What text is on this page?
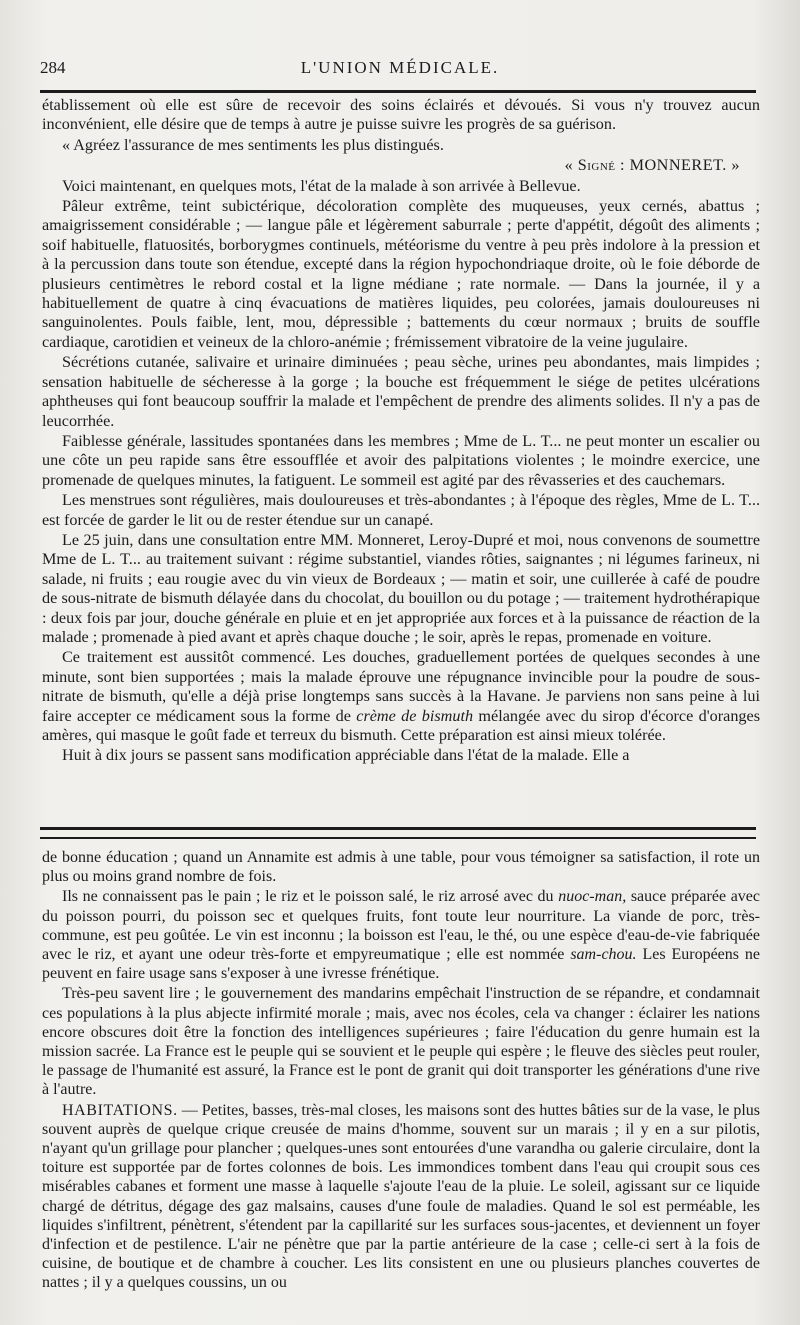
284	L'UNION MÉDICALE.

établissement où elle est sûre de recevoir des soins éclairés et dévoués. Si vous n'y trouvez aucun inconvénient, elle désire que de temps à autre je puisse suivre les progrès de sa guérison.

« Agréez l'assurance de mes sentiments les plus distingués.

« Signé : MONNERET. »

Voici maintenant, en quelques mots, l'état de la malade à son arrivée à Bellevue.

Pâleur extrême, teint subictérique, décoloration complète des muqueuses, yeux cernés, abattus ; amaigrissement considérable ; — langue pâle et légèrement saburrale ; perte d'appétit, dégoût des aliments ; soif habituelle, flatuosités, borborygmes continuels, météorisme du ventre à peu près indolore à la pression et à la percussion dans toute son étendue, excepté dans la région hypochondriaque droite, où le foie déborde de plusieurs centimètres le rebord costal et la ligne médiane ; rate normale. — Dans la journée, il y a habituellement de quatre à cinq évacuations de matières liquides, peu colorées, jamais douloureuses ni sanguinolentes. Pouls faible, lent, mou, dépressible ; battements du cœur normaux ; bruits de souffle cardiaque, carotidien et veineux de la chloro-anémie ; frémissement vibratoire de la veine jugulaire.

Sécrétions cutanée, salivaire et urinaire diminuées ; peau sèche, urines peu abondantes, mais limpides ; sensation habituelle de sécheresse à la gorge ; la bouche est fréquemment le siége de petites ulcérations aphtheuses qui font beaucoup souffrir la malade et l'empêchent de prendre des aliments solides. Il n'y a pas de leucorrhée.

Faiblesse générale, lassitudes spontanées dans les membres ; Mme de L. T... ne peut monter un escalier ou une côte un peu rapide sans être essoufflée et avoir des palpitations violentes ; le moindre exercice, une promenade de quelques minutes, la fatiguent. Le sommeil est agité par des rêvasseries et des cauchemars.

Les menstrues sont régulières, mais douloureuses et très-abondantes ; à l'époque des règles, Mme de L. T... est forcée de garder le lit ou de rester étendue sur un canapé.

Le 25 juin, dans une consultation entre MM. Monneret, Leroy-Dupré et moi, nous convenons de soumettre Mme de L. T... au traitement suivant : régime substantiel, viandes rôties, saignantes ; ni légumes farineux, ni salade, ni fruits ; eau rougie avec du vin vieux de Bordeaux ; — matin et soir, une cuillerée à café de poudre de sous-nitrate de bismuth délayée dans du chocolat, du bouillon ou du potage ; — traitement hydrothérapique : deux fois par jour, douche générale en pluie et en jet appropriée aux forces et à la puissance de réaction de la malade ; promenade à pied avant et après chaque douche ; le soir, après le repas, promenade en voiture.

Ce traitement est aussitôt commencé. Les douches, graduellement portées de quelques secondes à une minute, sont bien supportées ; mais la malade éprouve une répugnance invincible pour la poudre de sous-nitrate de bismuth, qu'elle a déjà prise longtemps sans succès à la Havane. Je parviens non sans peine à lui faire accepter ce médicament sous la forme de crème de bismuth mélangée avec du sirop d'écorce d'oranges amères, qui masque le goût fade et terreux du bismuth. Cette préparation est ainsi mieux tolérée.

Huit à dix jours se passent sans modification appréciable dans l'état de la malade. Elle a

de bonne éducation ; quand un Annamite est admis à une table, pour vous témoigner sa satisfaction, il rote un plus ou moins grand nombre de fois.

Ils ne connaissent pas le pain ; le riz et le poisson salé, le riz arrosé avec du nuoc-man, sauce préparée avec du poisson pourri, du poisson sec et quelques fruits, font toute leur nourriture. La viande de porc, très-commune, est peu goûtée. Le vin est inconnu ; la boisson est l'eau, le thé, ou une espèce d'eau-de-vie fabriquée avec le riz, et ayant une odeur très-forte et empyreumatique ; elle est nommée sam-chou. Les Européens ne peuvent en faire usage sans s'exposer à une ivresse frénétique.

Très-peu savent lire ; le gouvernement des mandarins empêchait l'instruction de se répandre, et condamnait ces populations à la plus abjecte infirmité morale ; mais, avec nos écoles, cela va changer : éclairer les nations encore obscures doit être la fonction des intelligences supérieures ; faire l'éducation du genre humain est la mission sacrée. La France est le peuple qui se souvient et le peuple qui espère ; le fleuve des siècles peut rouler, le passage de l'humanité est assuré, la France est le pont de granit qui doit transporter les générations d'une rive à l'autre.

HABITATIONS. — Petites, basses, très-mal closes, les maisons sont des huttes bâties sur de la vase, le plus souvent auprès de quelque crique creusée de mains d'homme, souvent sur un marais ; il y en a sur pilotis, n'ayant qu'un grillage pour plancher ; quelques-unes sont entourées d'une varandha ou galerie circulaire, dont la toiture est supportée par de fortes colonnes de bois. Les immondices tombent dans l'eau qui croupit sous ces misérables cabanes et forment une masse à laquelle s'ajoute l'eau de la pluie. Le soleil, agissant sur ce liquide chargé de détritus, dégage des gaz malsains, causes d'une foule de maladies. Quand le sol est perméable, les liquides s'infiltrent, pénètrent, s'étendent par la capillarité sur les surfaces sous-jacentes, et deviennent un foyer d'infection et de pestilence. L'air ne pénètre que par la partie antérieure de la case ; celle-ci sert à la fois de cuisine, de boutique et de chambre à coucher. Les lits consistent en une ou plusieurs planches couvertes de nattes ; il y a quelques coussins, un ou
